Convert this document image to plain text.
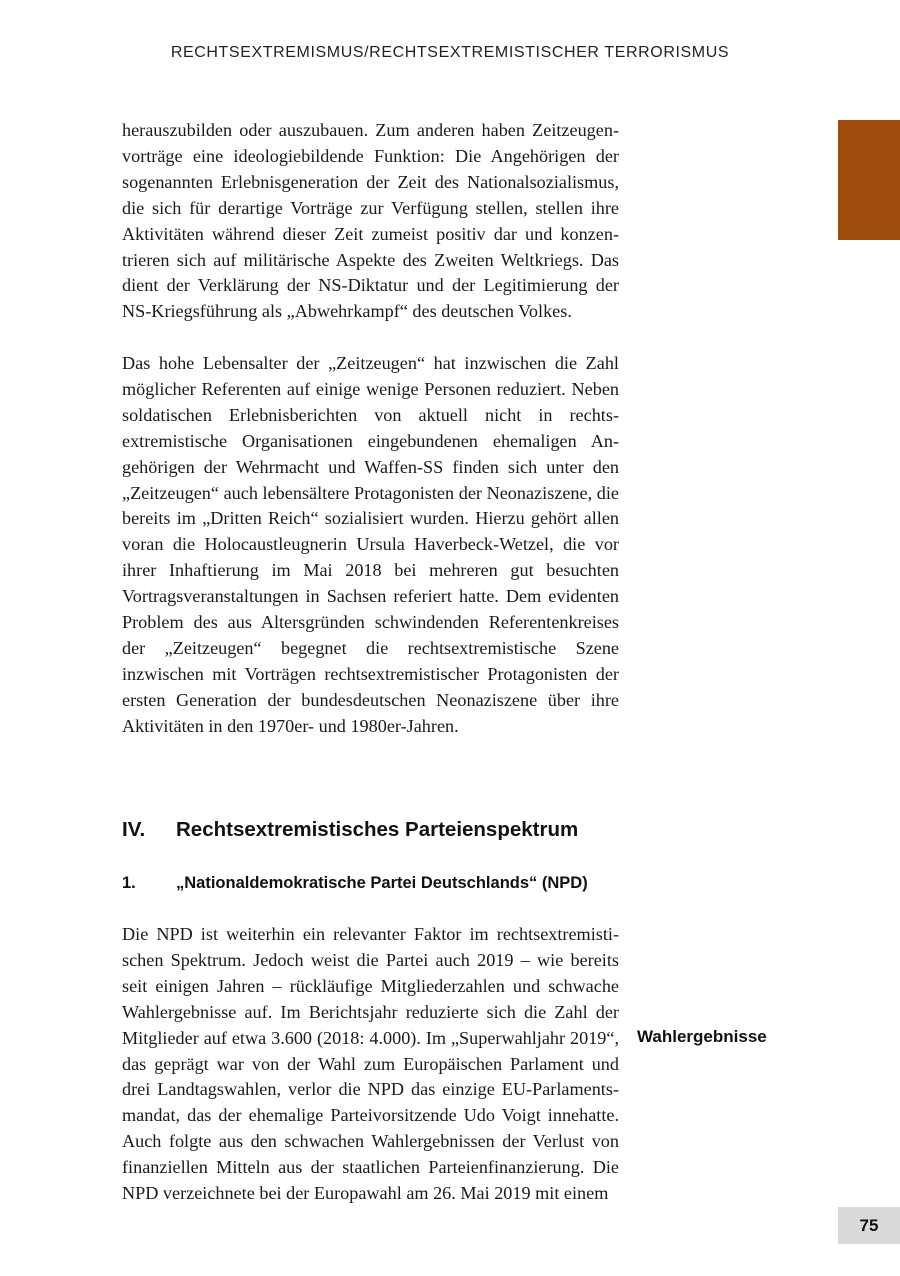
RECHTSEXTREMISMUS/RECHTSEXTREMISTISCHER TERRORISMUS

herauszubilden oder auszubauen. Zum anderen haben Zeitzeugenvorträge eine ideologiebildende Funktion: Die Angehörigen der sogenannten Erlebnisgeneration der Zeit des Nationalsozialismus, die sich für derartige Vorträge zur Verfügung stellen, stellen ihre Aktivitäten während dieser Zeit zumeist positiv dar und konzentrieren sich auf militärische Aspekte des Zweiten Weltkriegs. Das dient der Verklärung der NS-Diktatur und der Legitimierung der NS-Kriegsführung als „Abwehrkampf“ des deutschen Volkes.

Das hohe Lebensalter der „Zeitzeugen“ hat inzwischen die Zahl möglicher Referenten auf einige wenige Personen reduziert. Neben soldatischen Erlebnisberichten von aktuell nicht in rechtsextremistische Organisationen eingebundenen ehemaligen Angehörigen der Wehrmacht und Waffen-SS finden sich unter den „Zeitzeugen“ auch lebensältere Protagonisten der Neonaziszene, die bereits im „Dritten Reich“ sozialisiert wurden. Hierzu gehört allen voran die Holocaustleugnerin Ursula Haverbeck-Wetzel, die vor ihrer Inhaftierung im Mai 2018 bei mehreren gut besuchten Vortragsveranstaltungen in Sachsen referiert hatte. Dem evidenten Problem des aus Altersgründen schwindenden Referentenkreises der „Zeitzeugen“ begegnet die rechtsextremistische Szene inzwischen mit Vorträgen rechtsextremistischer Protagonisten der ersten Generation der bundesdeutschen Neonaziszene über ihre Aktivitäten in den 1970er- und 1980er-Jahren.

IV. Rechtsextremistisches Parteienspektrum
1. „Nationaldemokratische Partei Deutschlands“ (NPD)

Die NPD ist weiterhin ein relevanter Faktor im rechtsextremistischen Spektrum. Jedoch weist die Partei auch 2019 – wie bereits seit einigen Jahren – rückläufige Mitgliederzahlen und schwache Wahlergebnisse auf. Im Berichtsjahr reduzierte sich die Zahl der Mitglieder auf etwa 3.600 (2018: 4.000). Im „Superwahljahr 2019“, das geprägt war von der Wahl zum Europäischen Parlament und drei Landtagswahlen, verlor die NPD das einzige EU-Parlamentsmandat, das der ehemalige Parteivorsitzende Udo Voigt innehatte. Auch folgte aus den schwachen Wahlergebnissen der Verlust von finanziellen Mitteln aus der staatlichen Parteienfinanzierung. Die NPD verzeichnete bei der Europawahl am 26. Mai 2019 mit einem

Wahlergebnisse
75
